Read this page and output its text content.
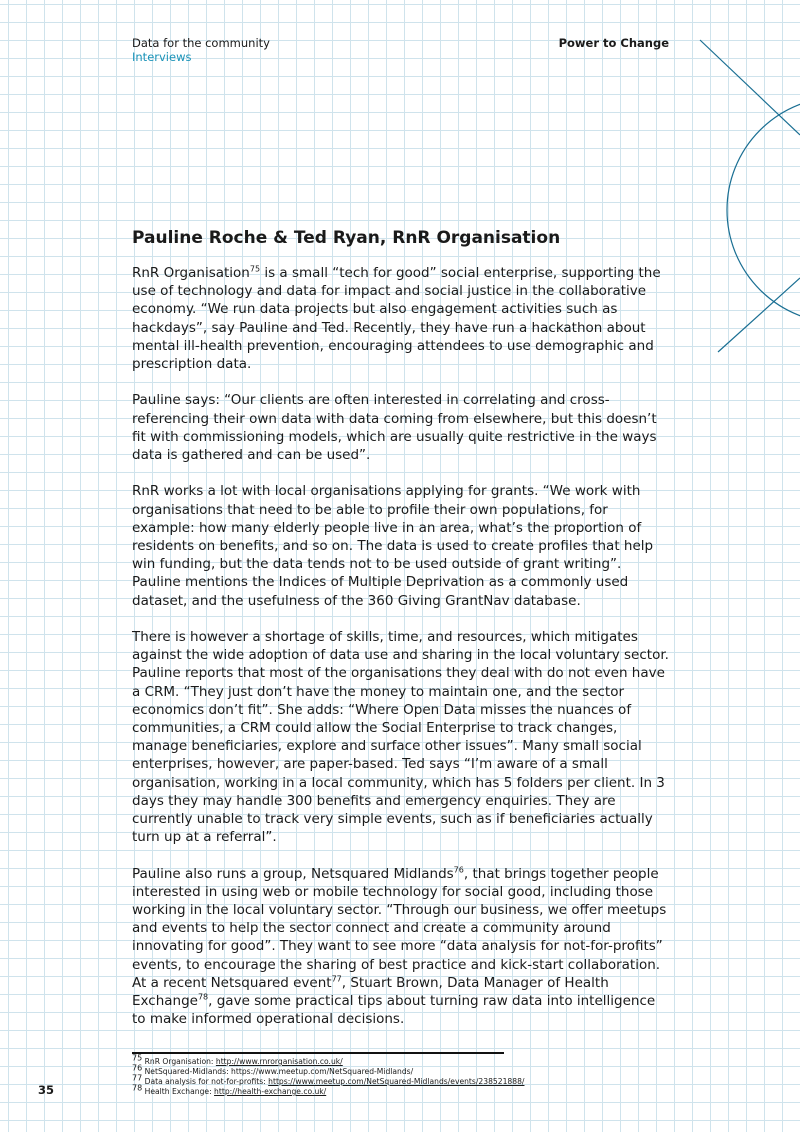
Data for the community
Interviews
Power to Change
Pauline Roche & Ted Ryan, RnR Organisation

RnR Organisation$^{75}$ is a small “tech for good” social enterprise, supporting the use of technology and data for impact and social justice in the collaborative economy. “We run data projects but also engagement activities such as hackdays”, say Pauline and Ted. Recently, they have run a hackathon about mental ill-health prevention, encouraging attendees to use demographic and prescription data.

Pauline says: “Our clients are often interested in correlating and cross-referencing their own data with data coming from elsewhere, but this doesn’t fit with commissioning models, which are usually quite restrictive in the ways data is gathered and can be used”.

RnR works a lot with local organisations applying for grants. “We work with organisations that need to be able to profile their own populations, for example: how many elderly people live in an area, what’s the proportion of residents on benefits, and so on. The data is used to create profiles that help win funding, but the data tends not to be used outside of grant writing”. Pauline mentions the Indices of Multiple Deprivation as a commonly used dataset, and the usefulness of the 360 Giving GrantNav database.

There is however a shortage of skills, time, and resources, which mitigates against the wide adoption of data use and sharing in the local voluntary sector. Pauline reports that most of the organisations they deal with do not even have a CRM. “They just don’t have the money to maintain one, and the sector economics don’t fit”. She adds: “Where Open Data misses the nuances of communities, a CRM could allow the Social Enterprise to track changes, manage beneficiaries, explore and surface other issues”. Many small social enterprises, however, are paper-based. Ted says “I’m aware of a small organisation, working in a local community, which has 5 folders per client. In 3 days they may handle 300 benefits and emergency enquiries. They are currently unable to track very simple events, such as if beneficiaries actually turn up at a referral”.

Pauline also runs a group, Netsquared Midlands$^{76}$, that brings together people interested in using web or mobile technology for social good, including those working in the local voluntary sector. “Through our business, we offer meetups and events to help the sector connect and create a community around innovating for good”. They want to see more “data analysis for not-for-profits” events, to encourage the sharing of best practice and kick-start collaboration. At a recent Netsquared event$^{77}$, Stuart Brown, Data Manager of Health Exchange$^{78}$, gave some practical tips about turning raw data into intelligence to make informed operational decisions.

$^{75}$ RnR Organisation: http://www.rnrorganisation.co.uk/
$^{76}$ NetSquared-Midlands: https://www.meetup.com/NetSquared-Midlands/
$^{77}$ Data analysis for not-for-profits: https://www.meetup.com/NetSquared-Midlands/events/238521888/
$^{78}$ Health Exchange: http://health-exchange.co.uk/
35
